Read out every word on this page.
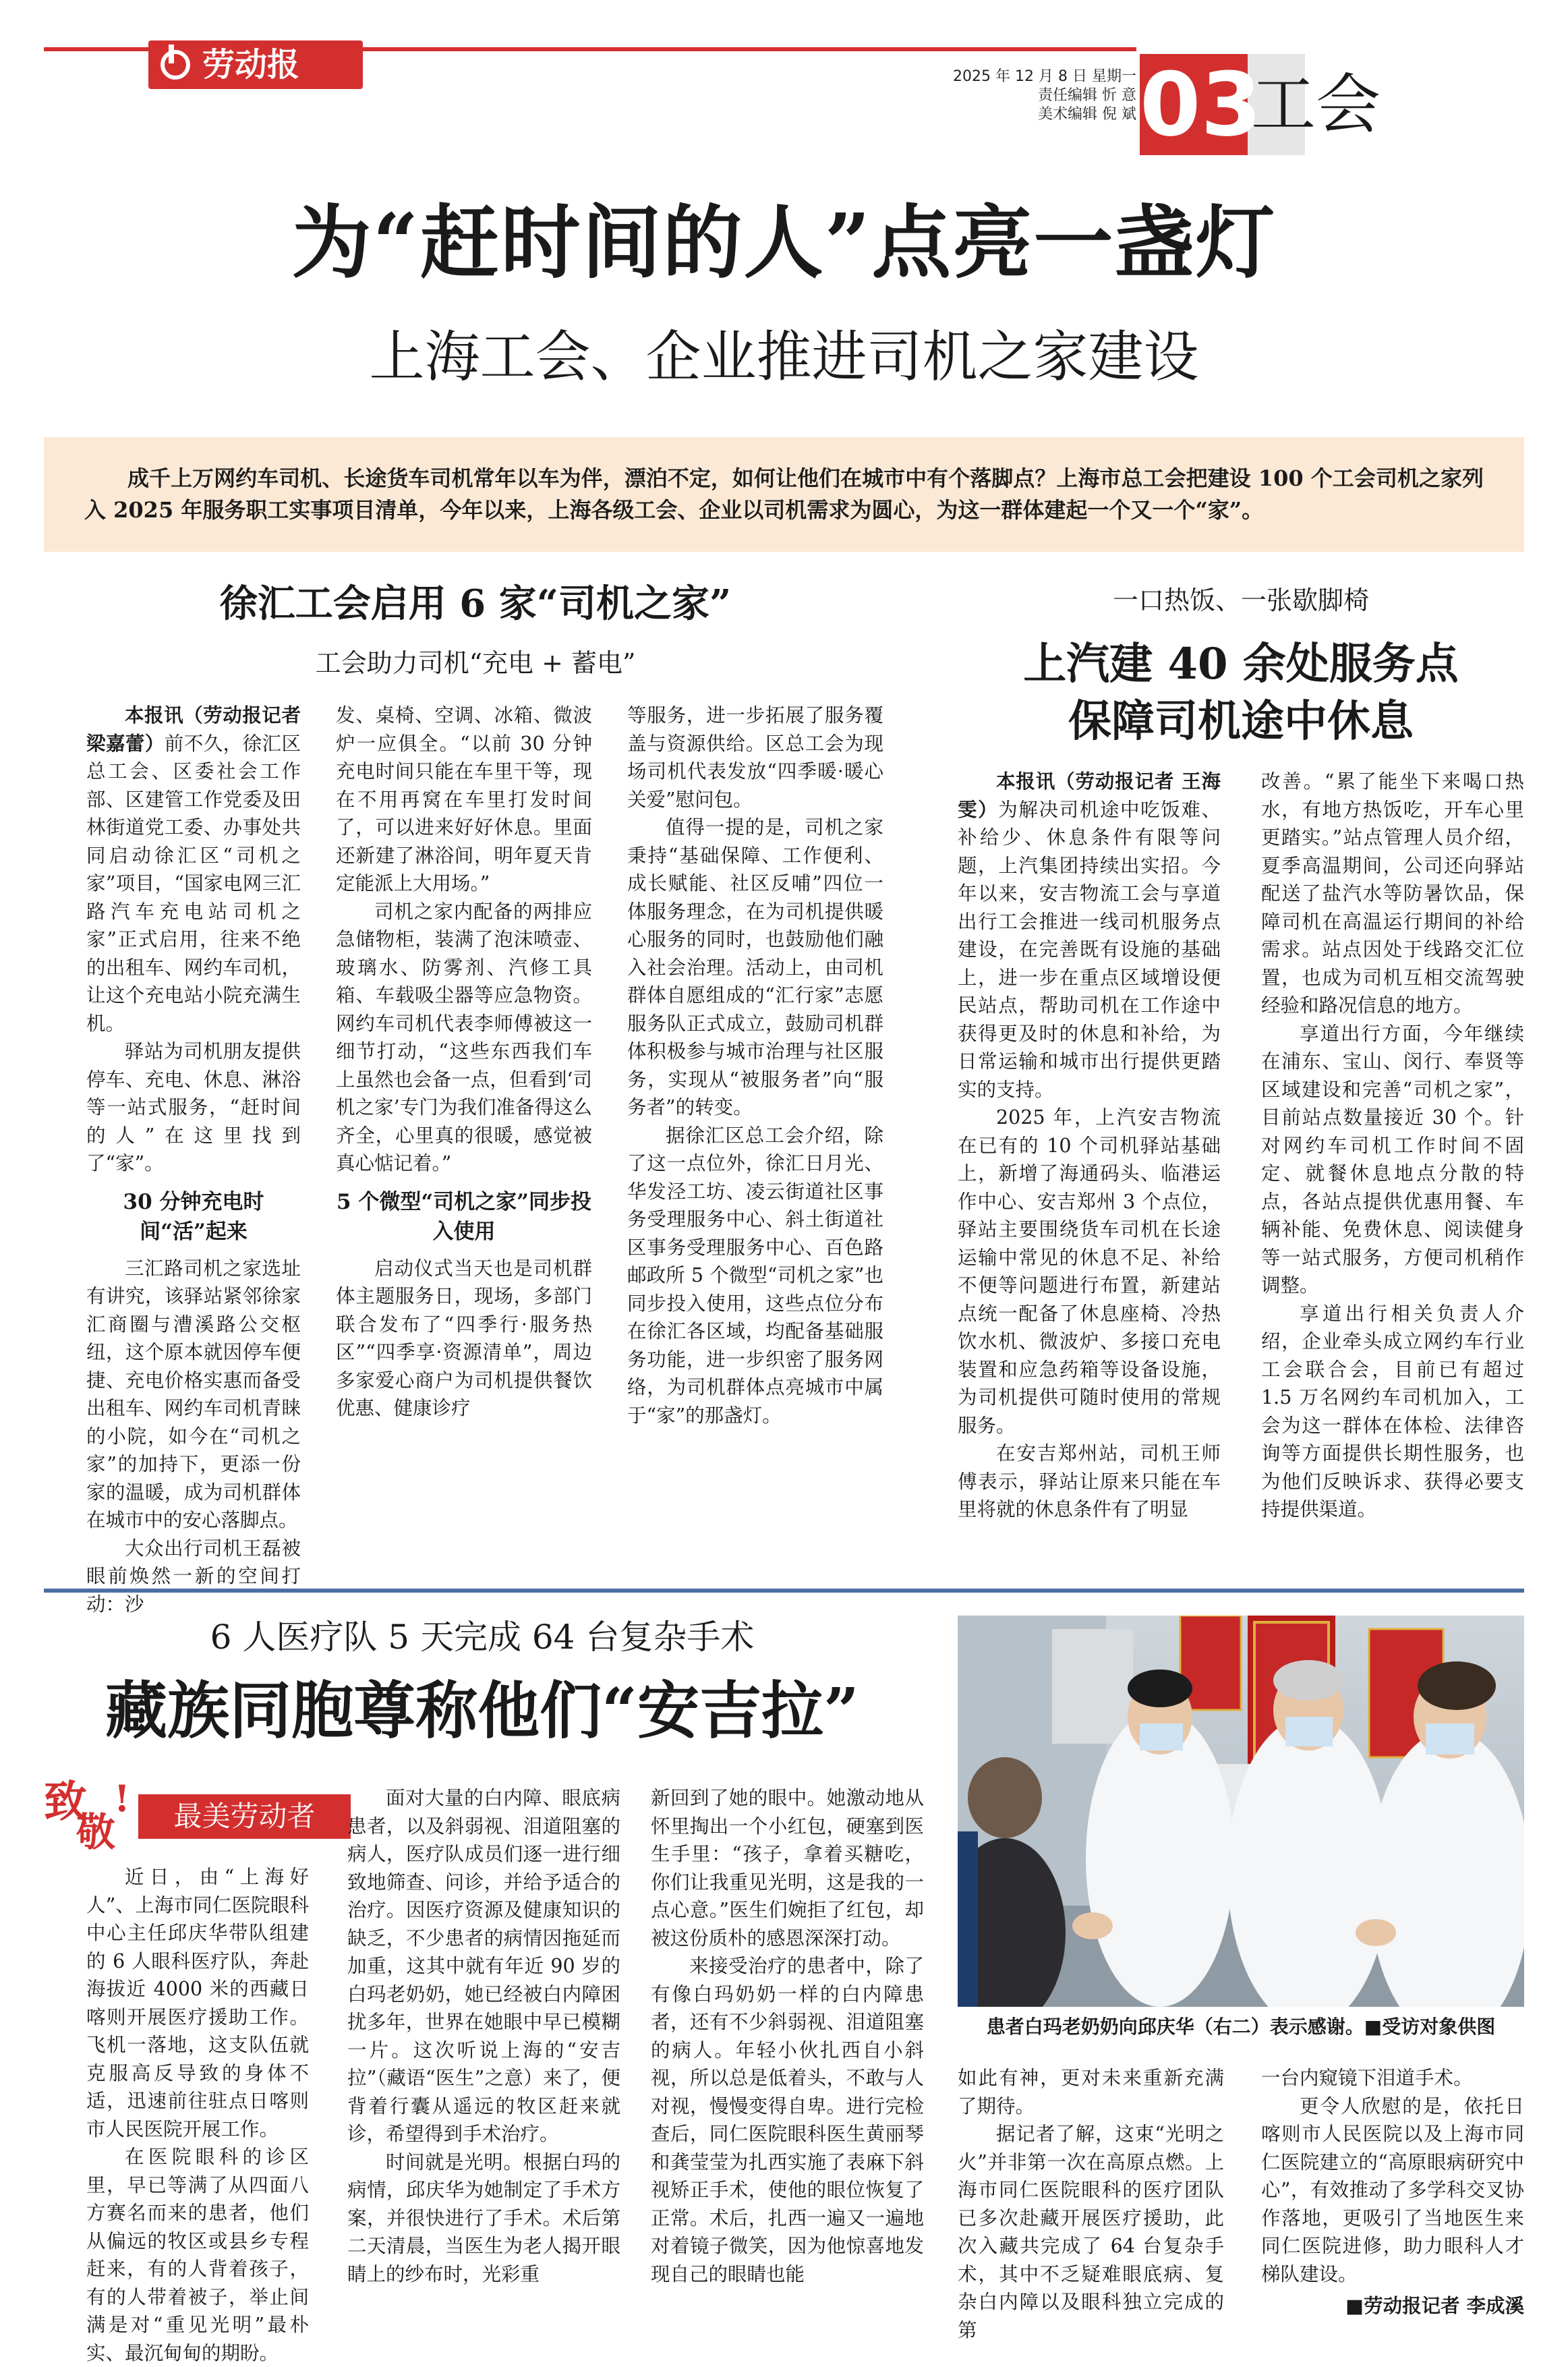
劳动报	2025 年 12 月 8 日 星期一
责任编辑 忻 意
美术编辑 倪 斌 03
工会
为“赶时间的人”点亮一盏灯
上海工会、企业推进司机之家建设
成千上万网约车司机、长途货车司机常年以车为伴，漂泊不定，如何让他们在城市中有个落脚点？上海市总工会把建设 100 个工会司机之家列入 2025 年服务职工实事项目清单，今年以来，上海各级工会、企业以司机需求为圆心，为这一群体建起一个又一个“家”。
徐汇工会启用 6 家“司机之家”
工会助力司机“充电 + 蓄电”

本报讯（劳动报记者 梁嘉蕾）前不久，徐汇区总工会、区委社会工作部、区建管工作党委及田林街道党工委、办事处共同启动徐汇区“司机之家”项目，“国家电网三汇路汽车充电站司机之家”正式启用，往来不绝的出租车、网约车司机，让这个充电站小院充满生机。

驿站为司机朋友提供停车、充电、休息、淋浴等一站式服务，“赶时间的人”在这里找到了“家”。

30 分钟充电时间“活”起来

三汇路司机之家选址有讲究，该驿站紧邻徐家汇商圈与漕溪路公交枢纽，这个原本就因停车便捷、充电价格实惠而备受出租车、网约车司机青睐的小院，如今在“司机之家”的加持下，更添一份家的温暖，成为司机群体在城市中的安心落脚点。

大众出行司机王磊被眼前焕然一新的空间打动：沙

发、桌椅、空调、冰箱、微波炉一应俱全。“以前 30 分钟充电时间只能在车里干等，现在不用再窝在车里打发时间了，可以进来好好休息。里面还新建了淋浴间，明年夏天肯定能派上大用场。”

司机之家内配备的两排应急储物柜，装满了泡沫喷壶、玻璃水、防雾剂、汽修工具箱、车载吸尘器等应急物资。网约车司机代表李师傅被这一细节打动，“这些东西我们车上虽然也会备一点，但看到‘司机之家’专门为我们准备得这么齐全，心里真的很暖，感觉被真心惦记着。”

5 个微型“司机之家”同步投入使用

启动仪式当天也是司机群体主题服务日，现场，多部门联合发布了“四季行·服务热区”“四季享·资源清单”，周边多家爱心商户为司机提供餐饮优惠、健康诊疗

等服务，进一步拓展了服务覆盖与资源供给。区总工会为现场司机代表发放“四季暖·暖心关爱”慰问包。

值得一提的是，司机之家秉持“基础保障、工作便利、成长赋能、社区反哺”四位一体服务理念，在为司机提供暖心服务的同时，也鼓励他们融入社会治理。活动上，由司机群体自愿组成的“汇行家”志愿服务队正式成立，鼓励司机群体积极参与城市治理与社区服务，实现从“被服务者”向“服务者”的转变。

据徐汇区总工会介绍，除了这一点位外，徐汇日月光、华发泾工坊、凌云街道社区事务受理服务中心、斜土街道社区事务受理服务中心、百色路邮政所 5 个微型“司机之家”也同步投入使用，这些点位分布在徐汇各区域，均配备基础服务功能，进一步织密了服务网络，为司机群体点亮城市中属于“家”的那盏灯。

一口热饭、一张歇脚椅
上汽建 40 余处服务点
保障司机途中休息

本报讯（劳动报记者 王海雯）为解决司机途中吃饭难、补给少、休息条件有限等问题，上汽集团持续出实招。今年以来，安吉物流工会与享道出行工会推进一线司机服务点建设，在完善既有设施的基础上，进一步在重点区域增设便民站点，帮助司机在工作途中获得更及时的休息和补给，为日常运输和城市出行提供更踏实的支持。

2025 年，上汽安吉物流在已有的 10 个司机驿站基础上，新增了海通码头、临港运作中心、安吉郑州 3 个点位，驿站主要围绕货车司机在长途运输中常见的休息不足、补给不便等问题进行布置，新建站点统一配备了休息座椅、冷热饮水机、微波炉、多接口充电装置和应急药箱等设备设施，为司机提供可随时使用的常规服务。

在安吉郑州站，司机王师傅表示，驿站让原来只能在车里将就的休息条件有了明显

改善。“累了能坐下来喝口热水，有地方热饭吃，开车心里更踏实。”站点管理人员介绍，夏季高温期间，公司还向驿站配送了盐汽水等防暑饮品，保障司机在高温运行期间的补给需求。站点因处于线路交汇位置，也成为司机互相交流驾驶经验和路况信息的地方。

享道出行方面，今年继续在浦东、宝山、闵行、奉贤等区域建设和完善“司机之家”，目前站点数量接近 30 个。针对网约车司机工作时间不固定、就餐休息地点分散的特点，各站点提供优惠用餐、车辆补能、免费休息、阅读健身等一站式服务，方便司机稍作调整。

享道出行相关负责人介绍，企业牵头成立网约车行业工会联合会，目前已有超过 1.5 万名网约车司机加入，工会为这一群体在体检、法律咨询等方面提供长期性服务，也为他们反映诉求、获得必要支持提供渠道。

6 人医疗队 5 天完成 64 台复杂手术
藏族同胞尊称他们“安吉拉”
致
敬
!	最美劳动者

近日，由“上海好人”、上海市同仁医院眼科中心主任邱庆华带队组建的 6 人眼科医疗队，奔赴海拔近 4000 米的西藏日喀则开展医疗援助工作。飞机一落地，这支队伍就克服高反导致的身体不适，迅速前往驻点日喀则市人民医院开展工作。

在医院眼科的诊区里，早已等满了从四面八方赛名而来的患者，他们从偏远的牧区或县乡专程赶来，有的人背着孩子，有的人带着被子，举止间满是对“重见光明”最朴实、最沉甸甸的期盼。

面对大量的白内障、眼底病患者，以及斜弱视、泪道阻塞的病人，医疗队成员们逐一进行细致地筛查、问诊，并给予适合的治疗。因医疗资源及健康知识的缺乏，不少患者的病情因拖延而加重，这其中就有年近 90 岁的白玛老奶奶，她已经被白内障困扰多年，世界在她眼中早已模糊一片。这次听说上海的“安吉拉”（藏语“医生”之意）来了，便背着行囊从遥远的牧区赶来就诊，希望得到手术治疗。

时间就是光明。根据白玛的病情，邱庆华为她制定了手术方案，并很快进行了手术。术后第二天清晨，当医生为老人揭开眼睛上的纱布时，光彩重

新回到了她的眼中。她激动地从怀里掏出一个小红包，硬塞到医生手里：“孩子，拿着买糖吃，你们让我重见光明，这是我的一点心意。”医生们婉拒了红包，却被这份质朴的感恩深深打动。

来接受治疗的患者中，除了有像白玛奶奶一样的白内障患者，还有不少斜弱视、泪道阻塞的病人。年轻小伙扎西自小斜视，所以总是低着头，不敢与人对视，慢慢变得自卑。进行完检查后，同仁医院眼科医生黄丽琴和龚莹莹为扎西实施了表麻下斜视矫正手术，使他的眼位恢复了正常。术后，扎西一遍又一遍地对着镜子微笑，因为他惊喜地发现自己的眼睛也能

如此有神，更对未来重新充满了期待。

据记者了解，这束“光明之火”并非第一次在高原点燃。上海市同仁医院眼科的医疗团队已多次赴藏开展医疗援助，此次入藏共完成了 64 台复杂手术，其中不乏疑难眼底病、复杂白内障以及眼科独立完成的第

一台内窥镜下泪道手术。

更令人欣慰的是，依托日喀则市人民医院以及上海市同仁医院建立的“高原眼病研究中心”，有效推动了多学科交叉协作落地，更吸引了当地医生来同仁医院进修，助力眼科人才梯队建设。

■劳动报记者 李成溪

患者白玛老奶奶向邱庆华（右二）表示感谢。■受访对象供图
